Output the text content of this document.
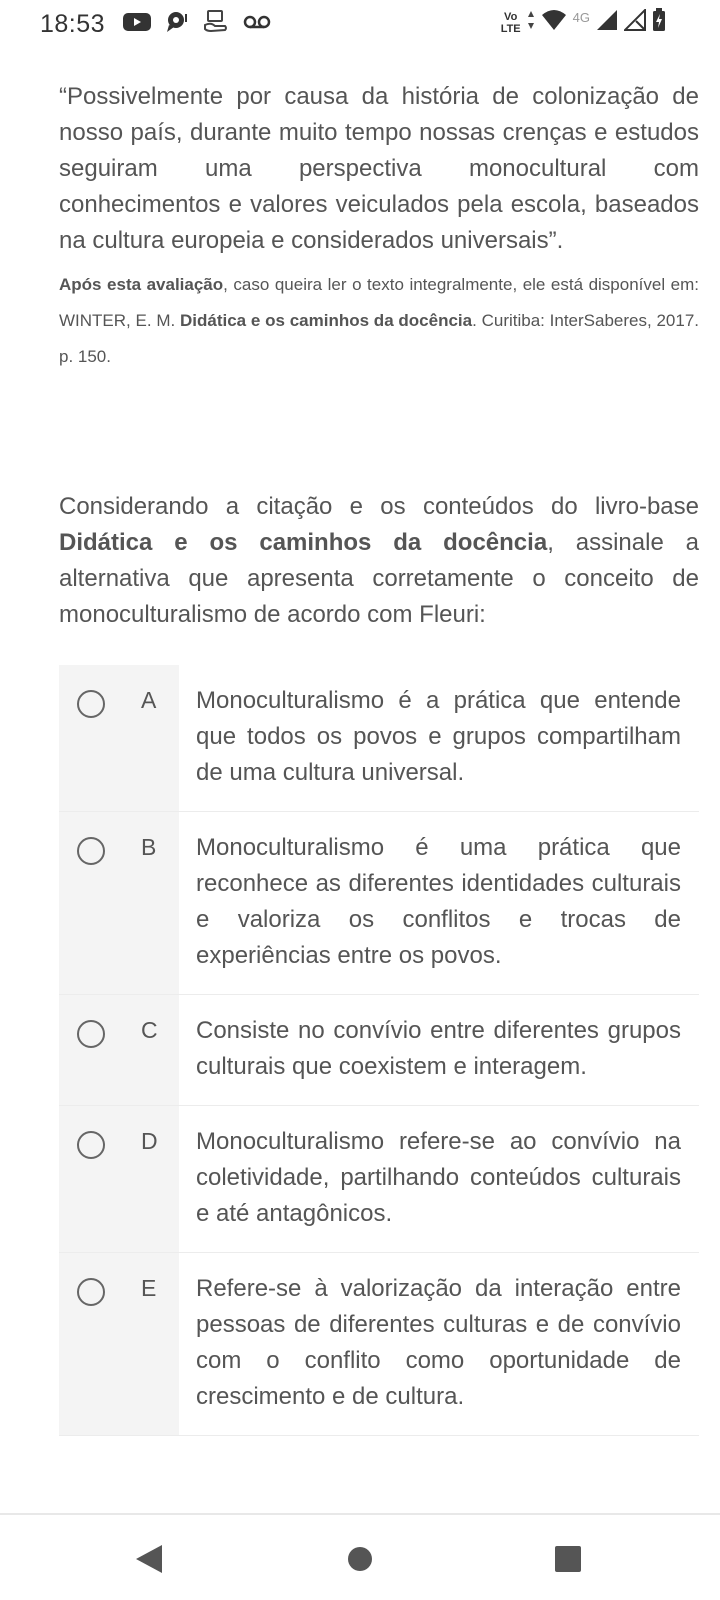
18:53	Vo
LTE
4G

“Possivelmente por causa da história de colonização de nosso país, durante muito tempo nossas crenças e estudos seguiram uma perspectiva monocultural com conhecimentos e valores veiculados pela escola, baseados na cultura europeia e considerados universais”.

Após esta avaliação, caso queira ler o texto integralmente, ele está disponível em: WINTER, E. M. Didática e os caminhos da docência. Curitiba: InterSaberes, 2017. p. 150.

Considerando a citação e os conteúdos do livro-base Didática e os caminhos da docência, assinale a alternativa que apresenta corretamente o conceito de monoculturalismo de acordo com Fleuri:

A	Monoculturalismo é a prática que entende que todos os povos e grupos compartilham de uma cultura universal.
B	Monoculturalismo é uma prática que reconhece as diferentes identidades culturais e valoriza os conflitos e trocas de experiências entre os povos.
C	Consiste no convívio entre diferentes grupos culturais que coexistem e interagem.
D	Monoculturalismo refere-se ao convívio na coletividade, partilhando conteúdos culturais e até antagônicos.
E	Refere-se à valorização da interação entre pessoas de diferentes culturas e de convívio com o conflito como oportunidade de crescimento e de cultura.
